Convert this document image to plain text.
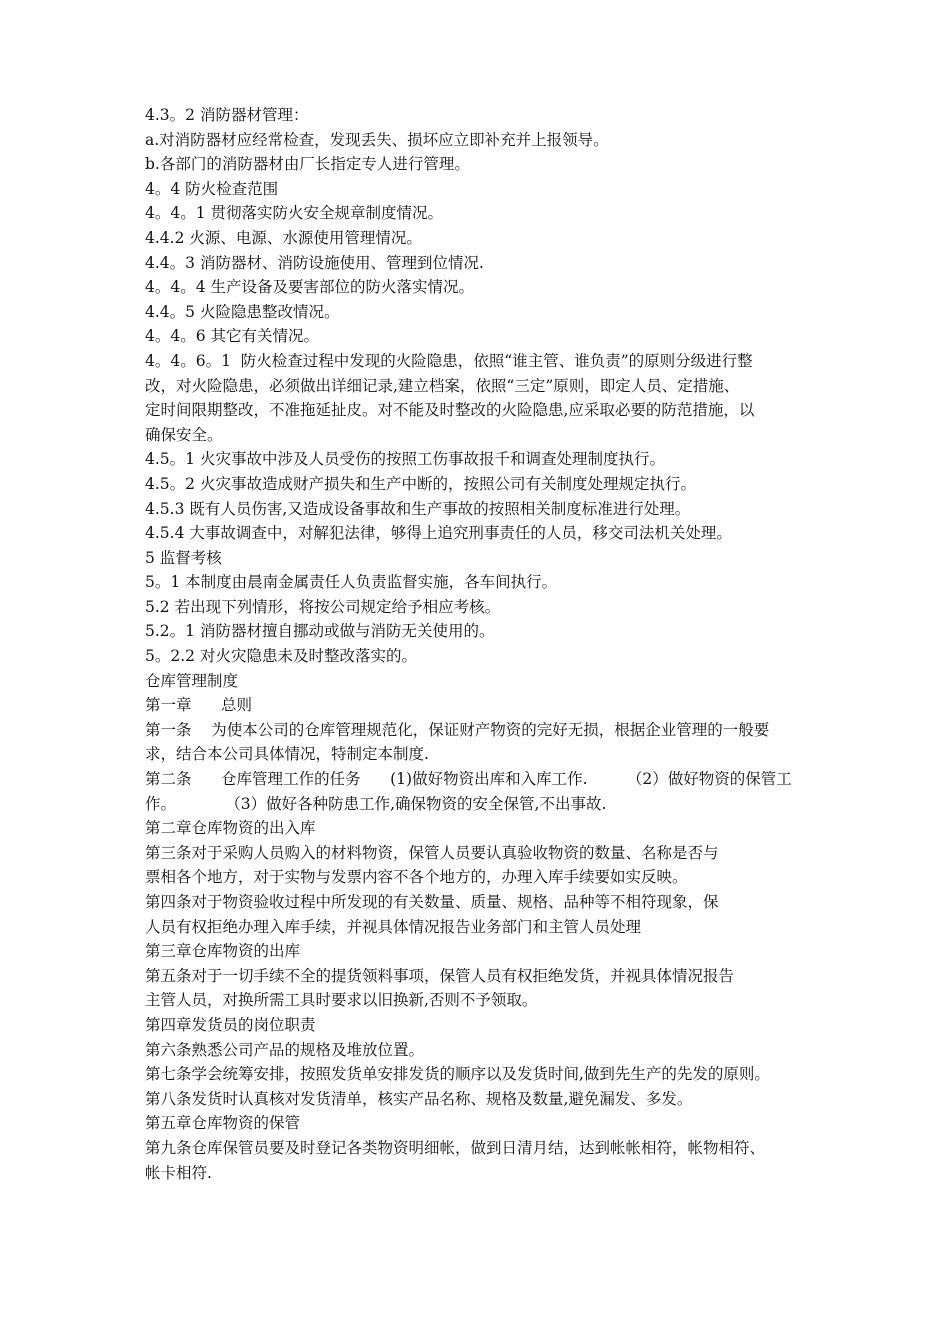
4.3。2 消防器材管理：
a.对消防器材应经常检查，发现丢失、损坏应立即补充并上报领导。
b.各部门的消防器材由厂长指定专人进行管理。
4。4 防火检查范围
4。4。1 贯彻落实防火安全规章制度情况。
4.4.2 火源、电源、水源使用管理情况。
4.4。3 消防器材、消防设施使用、管理到位情况.
4。4。4 生产设备及要害部位的防火落实情况。
4.4。5 火险隐患整改情况。
4。4。6 其它有关情况。
4。4。6。1  防火检查过程中发现的火险隐患，依照“谁主管、谁负责”的原则分级进行整
改，对火险隐患，必须做出详细记录,建立档案，依照“三定”原则，即定人员、定措施、
定时间限期整改，不准拖延扯皮。对不能及时整改的火险隐患,应采取必要的防范措施，以
确保安全。
4.5。1 火灾事故中涉及人员受伤的按照工伤事故报千和调查处理制度执行。
4.5。2 火灾事故造成财产损失和生产中断的，按照公司有关制度处理规定执行。
4.5.3 既有人员伤害,又造成设备事故和生产事故的按照相关制度标准进行处理。
4.5.4 大事故调查中，对解犯法律，够得上追究刑事责任的人员，移交司法机关处理。
5 监督考核
5。1 本制度由晨南金属责任人负责监督实施，各车间执行。
5.2 若出现下列情形，将按公司规定给予相应考核。
5.2。1 消防器材擅自挪动或做与消防无关使用的。
5。2.2 对火灾隐患未及时整改落实的。
仓库管理制度
第一章      总则
第一条    为使本公司的仓库管理规范化，保证财产物资的完好无损，根据企业管理的一般要
求，结合本公司具体情况，特制定本制度.
第二条      仓库管理工作的任务      (1)做好物资出库和入库工作.        （2）做好物资的保管工
作。          （3）做好各种防患工作,确保物资的安全保管,不出事故.
第二章仓库物资的出入库
第三条对于采购人员购入的材料物资，保管人员要认真验收物资的数量、名称是否与
票相各个地方，对于实物与发票内容不各个地方的，办理入库手续要如实反映。
第四条对于物资验收过程中所发现的有关数量、质量、规格、品种等不相符现象，保
人员有权拒绝办理入库手续，并视具体情况报告业务部门和主管人员处理
第三章仓库物资的出库
第五条对于一切手续不全的提货领料事项，保管人员有权拒绝发货，并视具体情况报告
主管人员，对换所需工具时要求以旧换新,否则不予领取。
第四章发货员的岗位职责
第六条熟悉公司产品的规格及堆放位置。
第七条学会统筹安排，按照发货单安排发货的顺序以及发货时间,做到先生产的先发的原则。
第八条发货时认真核对发货清单，核实产品名称、规格及数量,避免漏发、多发。
第五章仓库物资的保管
第九条仓库保管员要及时登记各类物资明细帐，做到日清月结，达到帐帐相符，帐物相符、
帐卡相符.
